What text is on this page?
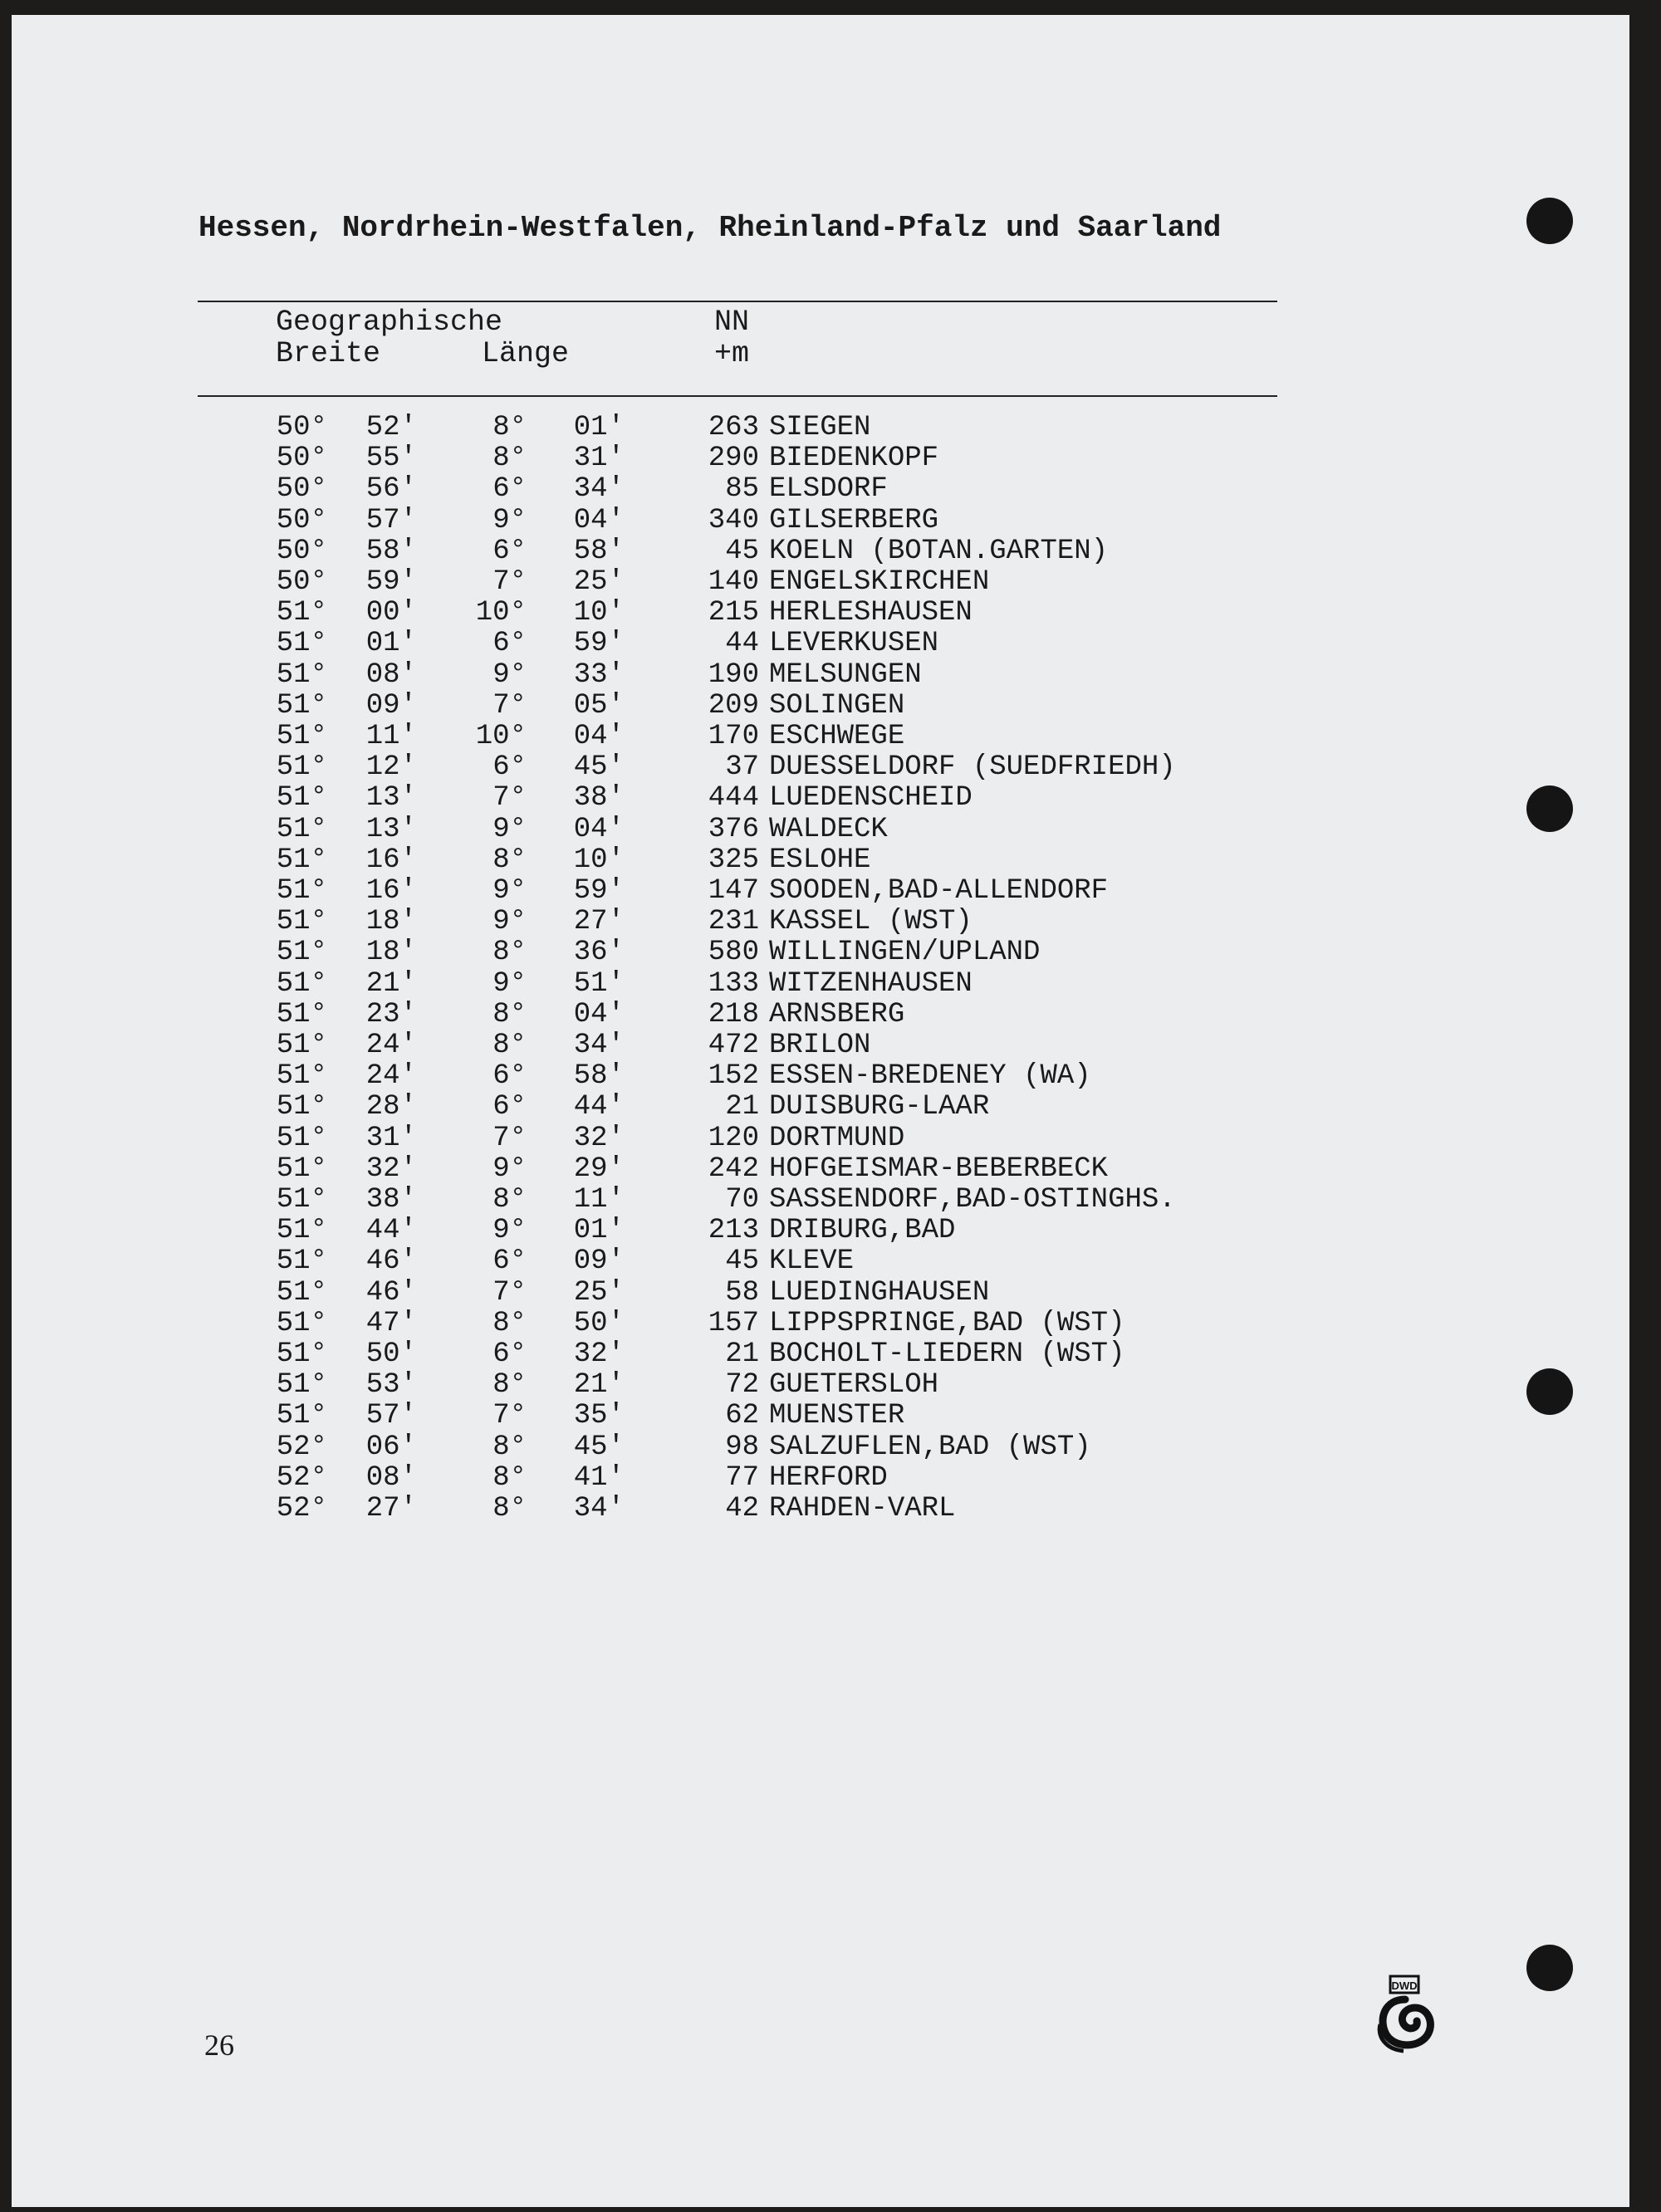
Hessen, Nordrhein-Westfalen, Rheinland-Pfalz und Saarland
Geographische	NN
Breite	Länge	+m
50°	52′	8°	01′	263 SIEGEN
50°	55′	8°	31′	290 BIEDENKOPF
50°	56′	6°	34′	85 ELSDORF
50°	57′	9°	04′	340 GILSERBERG
50°	58′	6°	58′	45 KOELN (BOTAN.GARTEN)
50°	59′	7°	25′	140 ENGELSKIRCHEN
51°	00′	10°	10′	215 HERLESHAUSEN
51°	01′	6°	59′	44 LEVERKUSEN
51°	08′	9°	33′	190 MELSUNGEN
51°	09′	7°	05′	209 SOLINGEN
51°	11′	10°	04′	170 ESCHWEGE
51°	12′	6°	45′	37 DUESSELDORF (SUEDFRIEDH)
51°	13′	7°	38′	444 LUEDENSCHEID
51°	13′	9°	04′	376 WALDECK
51°	16′	8°	10′	325 ESLOHE
51°	16′	9°	59′	147 SOODEN,BAD-ALLENDORF
51°	18′	9°	27′	231 KASSEL (WST)
51°	18′	8°	36′	580 WILLINGEN/UPLAND
51°	21′	9°	51′	133 WITZENHAUSEN
51°	23′	8°	04′	218 ARNSBERG
51°	24′	8°	34′	472 BRILON
51°	24′	6°	58′	152 ESSEN-BREDENEY (WA)
51°	28′	6°	44′	21 DUISBURG-LAAR
51°	31′	7°	32′	120 DORTMUND
51°	32′	9°	29′	242 HOFGEISMAR-BEBERBECK
51°	38′	8°	11′	70 SASSENDORF,BAD-OSTINGHS.
51°	44′	9°	01′	213 DRIBURG,BAD
51°	46′	6°	09′	45 KLEVE
51°	46′	7°	25′	58 LUEDINGHAUSEN
51°	47′	8°	50′	157 LIPPSPRINGE,BAD (WST)
51°	50′	6°	32′	21 BOCHOLT-LIEDERN (WST)
51°	53′	8°	21′	72 GUETERSLOH
51°	57′	7°	35′	62 MUENSTER
52°	06′	8°	45′	98 SALZUFLEN,BAD (WST)
52°	08′	8°	41′	77 HERFORD
52°	27′	8°	34′	42 RAHDEN-VARL
26
DWD
